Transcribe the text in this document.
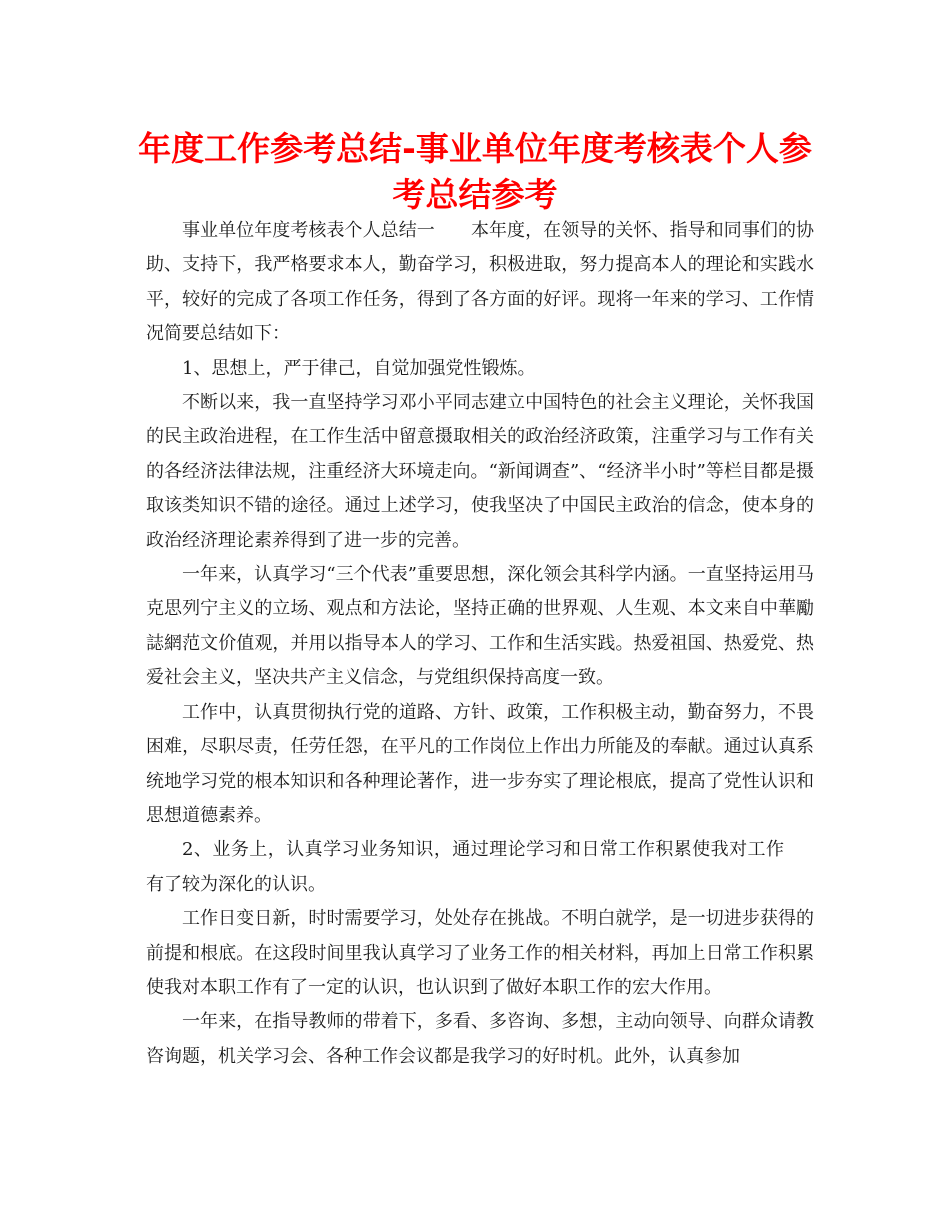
年度工作参考总结-事业单位年度考核表个人参
考总结参考

事业单位年度考核表个人总结一　　本年度，在领导的关怀、指导和同事们的协助、支持下，我严格要求本人，勤奋学习，积极进取，努力提高本人的理论和实践水平，较好的完成了各项工作任务，得到了各方面的好评。现将一年来的学习、工作情况简要总结如下：

1、思想上，严于律己，自觉加强党性锻炼。

不断以来，我一直坚持学习邓小平同志建立中国特色的社会主义理论，关怀我国的民主政治进程，在工作生活中留意摄取相关的政治经济政策，注重学习与工作有关的各经济法律法规，注重经济大环境走向。“新闻调查”、“经济半小时”等栏目都是摄取该类知识不错的途径。通过上述学习，使我坚决了中国民主政治的信念，使本身的政治经济理论素养得到了进一步的完善。

一年来，认真学习“三个代表”重要思想，深化领会其科学内涵。一直坚持运用马克思列宁主义的立场、观点和方法论，坚持正确的世界观、人生观、本文来自中華勵誌網范文价值观，并用以指导本人的学习、工作和生活实践。热爱祖国、热爱党、热爱社会主义，坚决共产主义信念，与党组织保持高度一致。

工作中，认真贯彻执行党的道路、方针、政策，工作积极主动，勤奋努力，不畏困难，尽职尽责，任劳任怨，在平凡的工作岗位上作出力所能及的奉献。通过认真系统地学习党的根本知识和各种理论著作，进一步夯实了理论根底，提高了党性认识和思想道德素养。

2、业务上，认真学习业务知识，通过理论学习和日常工作积累使我对工作有了较为深化的认识。

工作日变日新，时时需要学习，处处存在挑战。不明白就学，是一切进步获得的前提和根底。在这段时间里我认真学习了业务工作的相关材料，再加上日常工作积累使我对本职工作有了一定的认识，也认识到了做好本职工作的宏大作用。

一年来，在指导教师的带着下，多看、多咨询、多想，主动向领导、向群众请教咨询题，机关学习会、各种工作会议都是我学习的好时机。此外，认真参加
